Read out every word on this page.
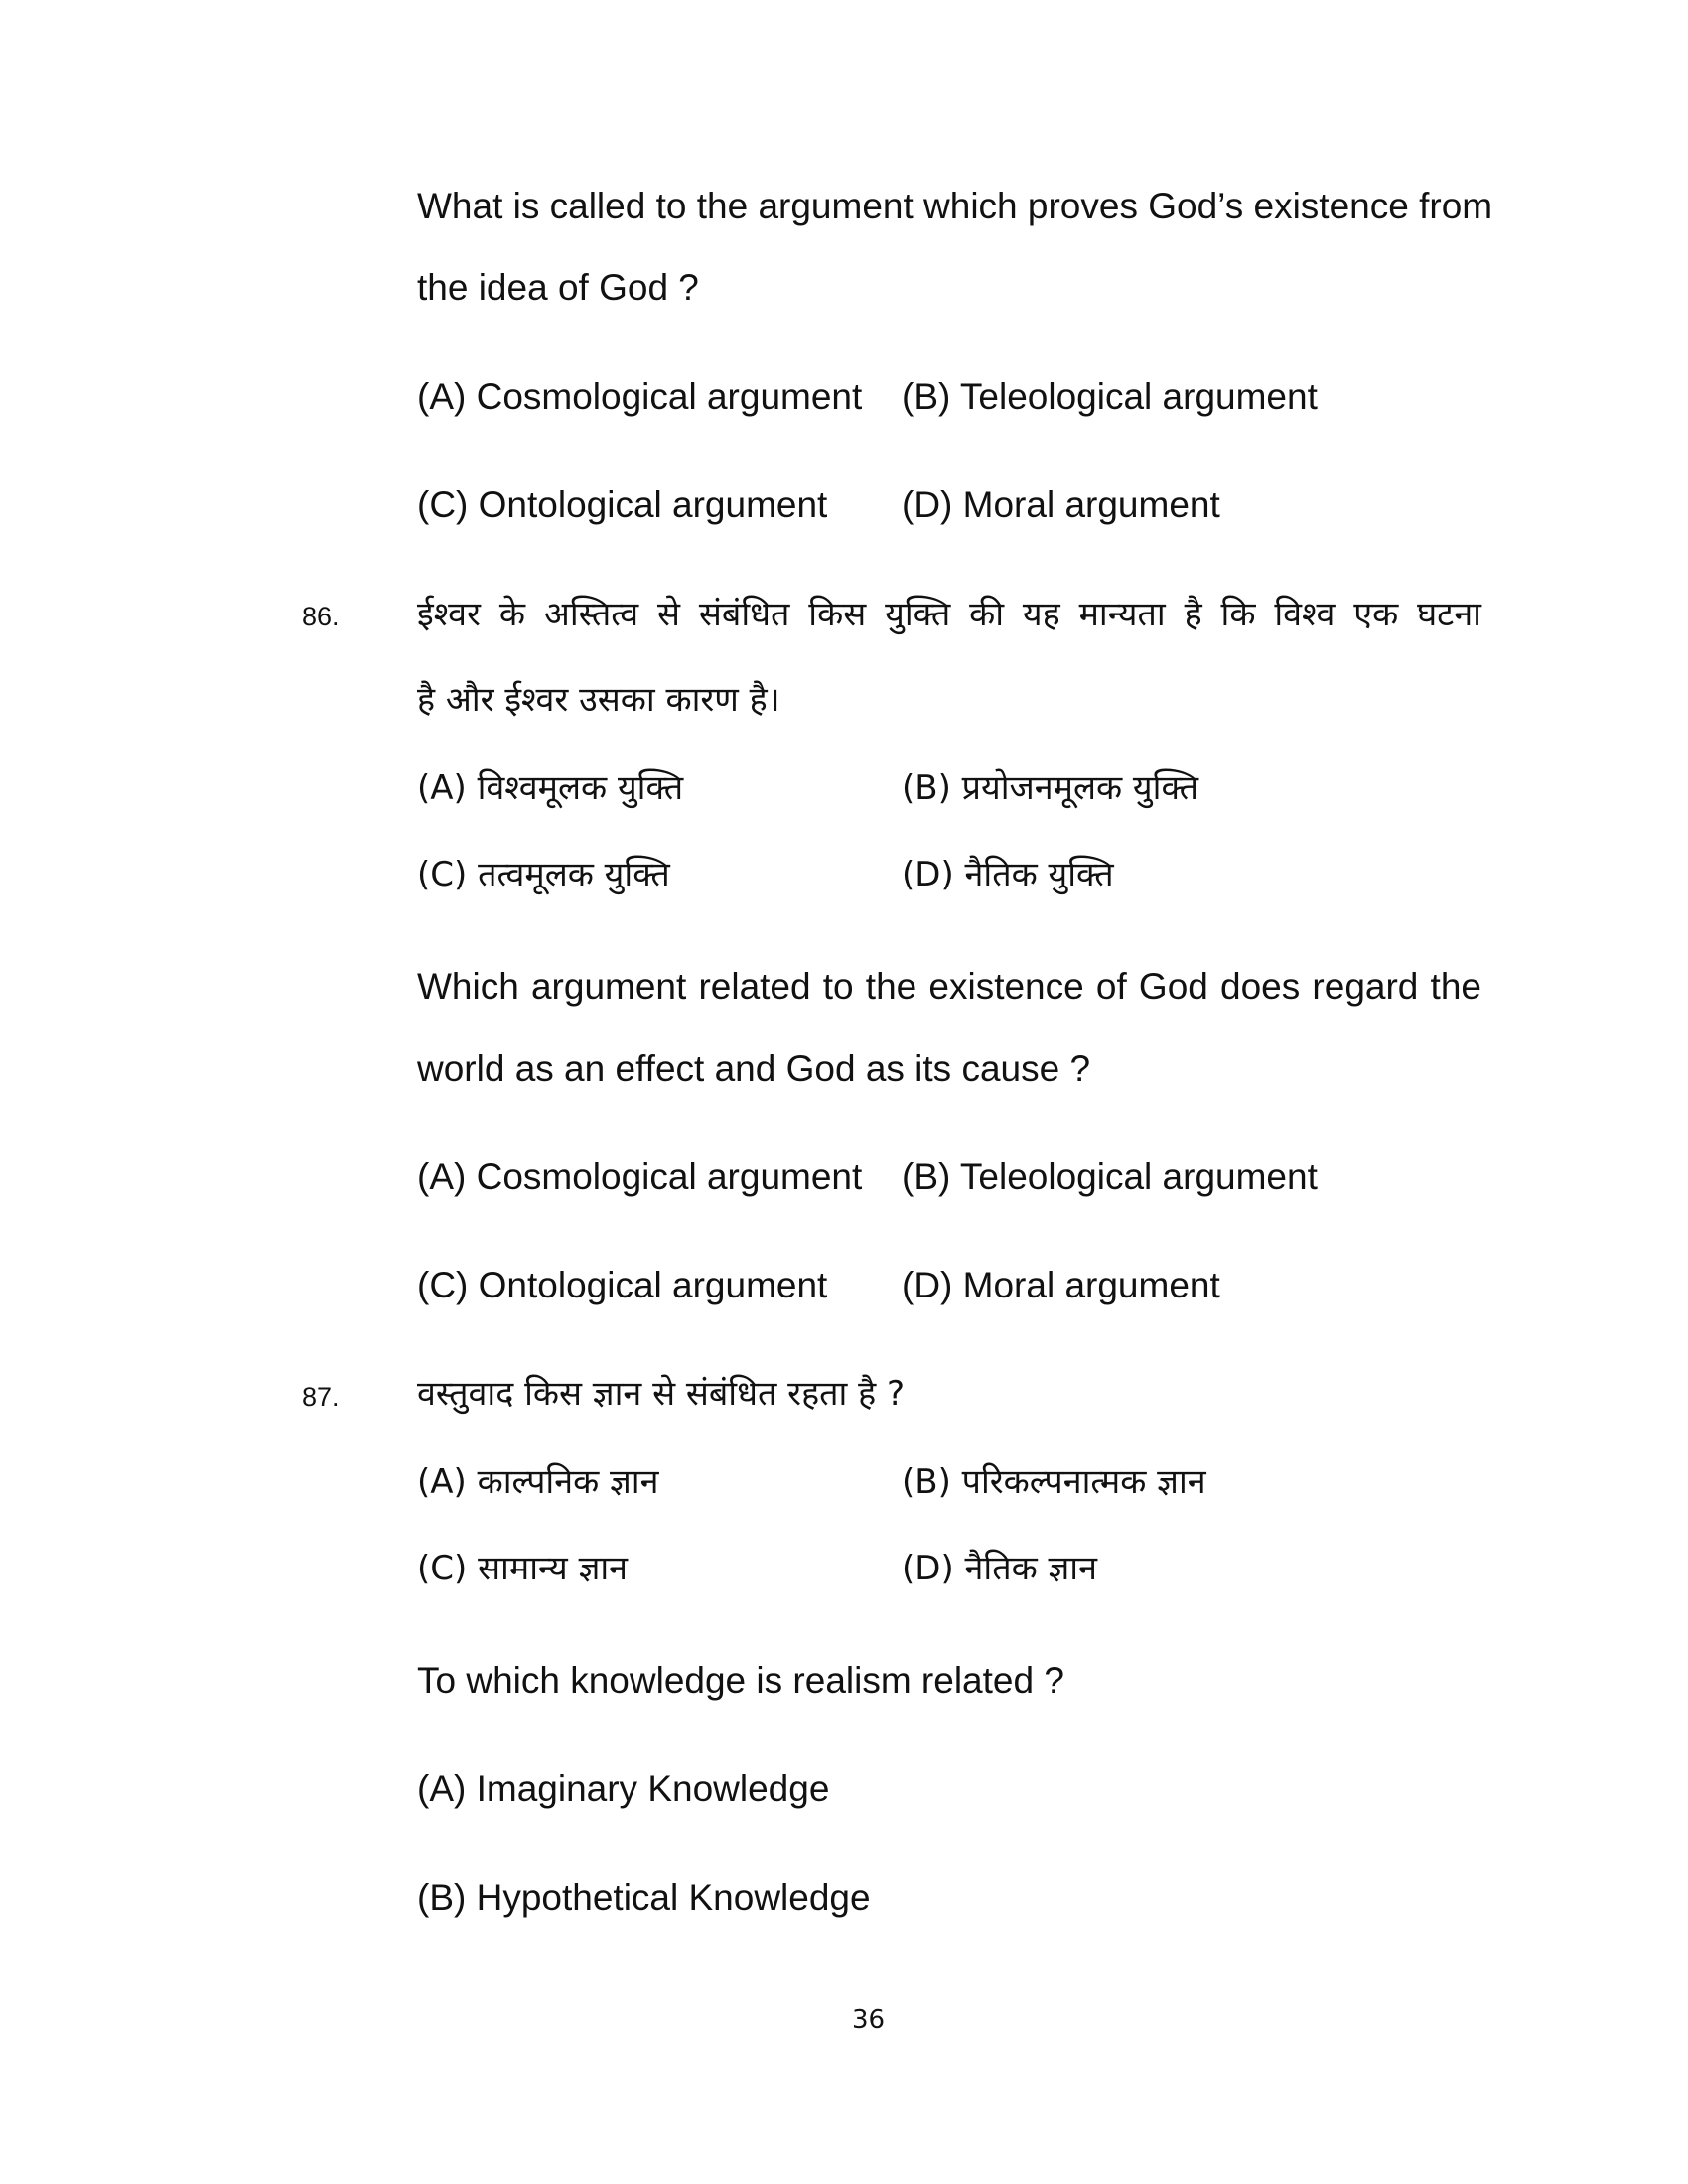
What is called to the argument which proves God’s existence from
the idea of God ?
(A) Cosmological argument (B) Teleological argument
(C) Ontological argument (D) Moral argument
86. ईश्वर के अस्तित्व से संबंधित किस युक्ति की यह मान्यता है कि विश्व एक घटना
है और ईश्वर उसका कारण है।
(A) विश्वमूलक युक्ति	(B) प्रयोजनमूलक युक्ति
(C) तत्वमूलक युक्ति	(D) नैतिक युक्ति
Which argument related to the existence of God does regard the
world as an effect and God as its cause ?
(A) Cosmological argument (B) Teleological argument
(C) Ontological argument (D) Moral argument
87. वस्तुवाद किस ज्ञान से संबंधित रहता है ?
(A) काल्पनिक ज्ञान	(B) परिकल्पनात्मक ज्ञान
(C) सामान्य ज्ञान	(D) नैतिक ज्ञान
To which knowledge is realism related ?
(A) Imaginary Knowledge
(B) Hypothetical Knowledge
36
